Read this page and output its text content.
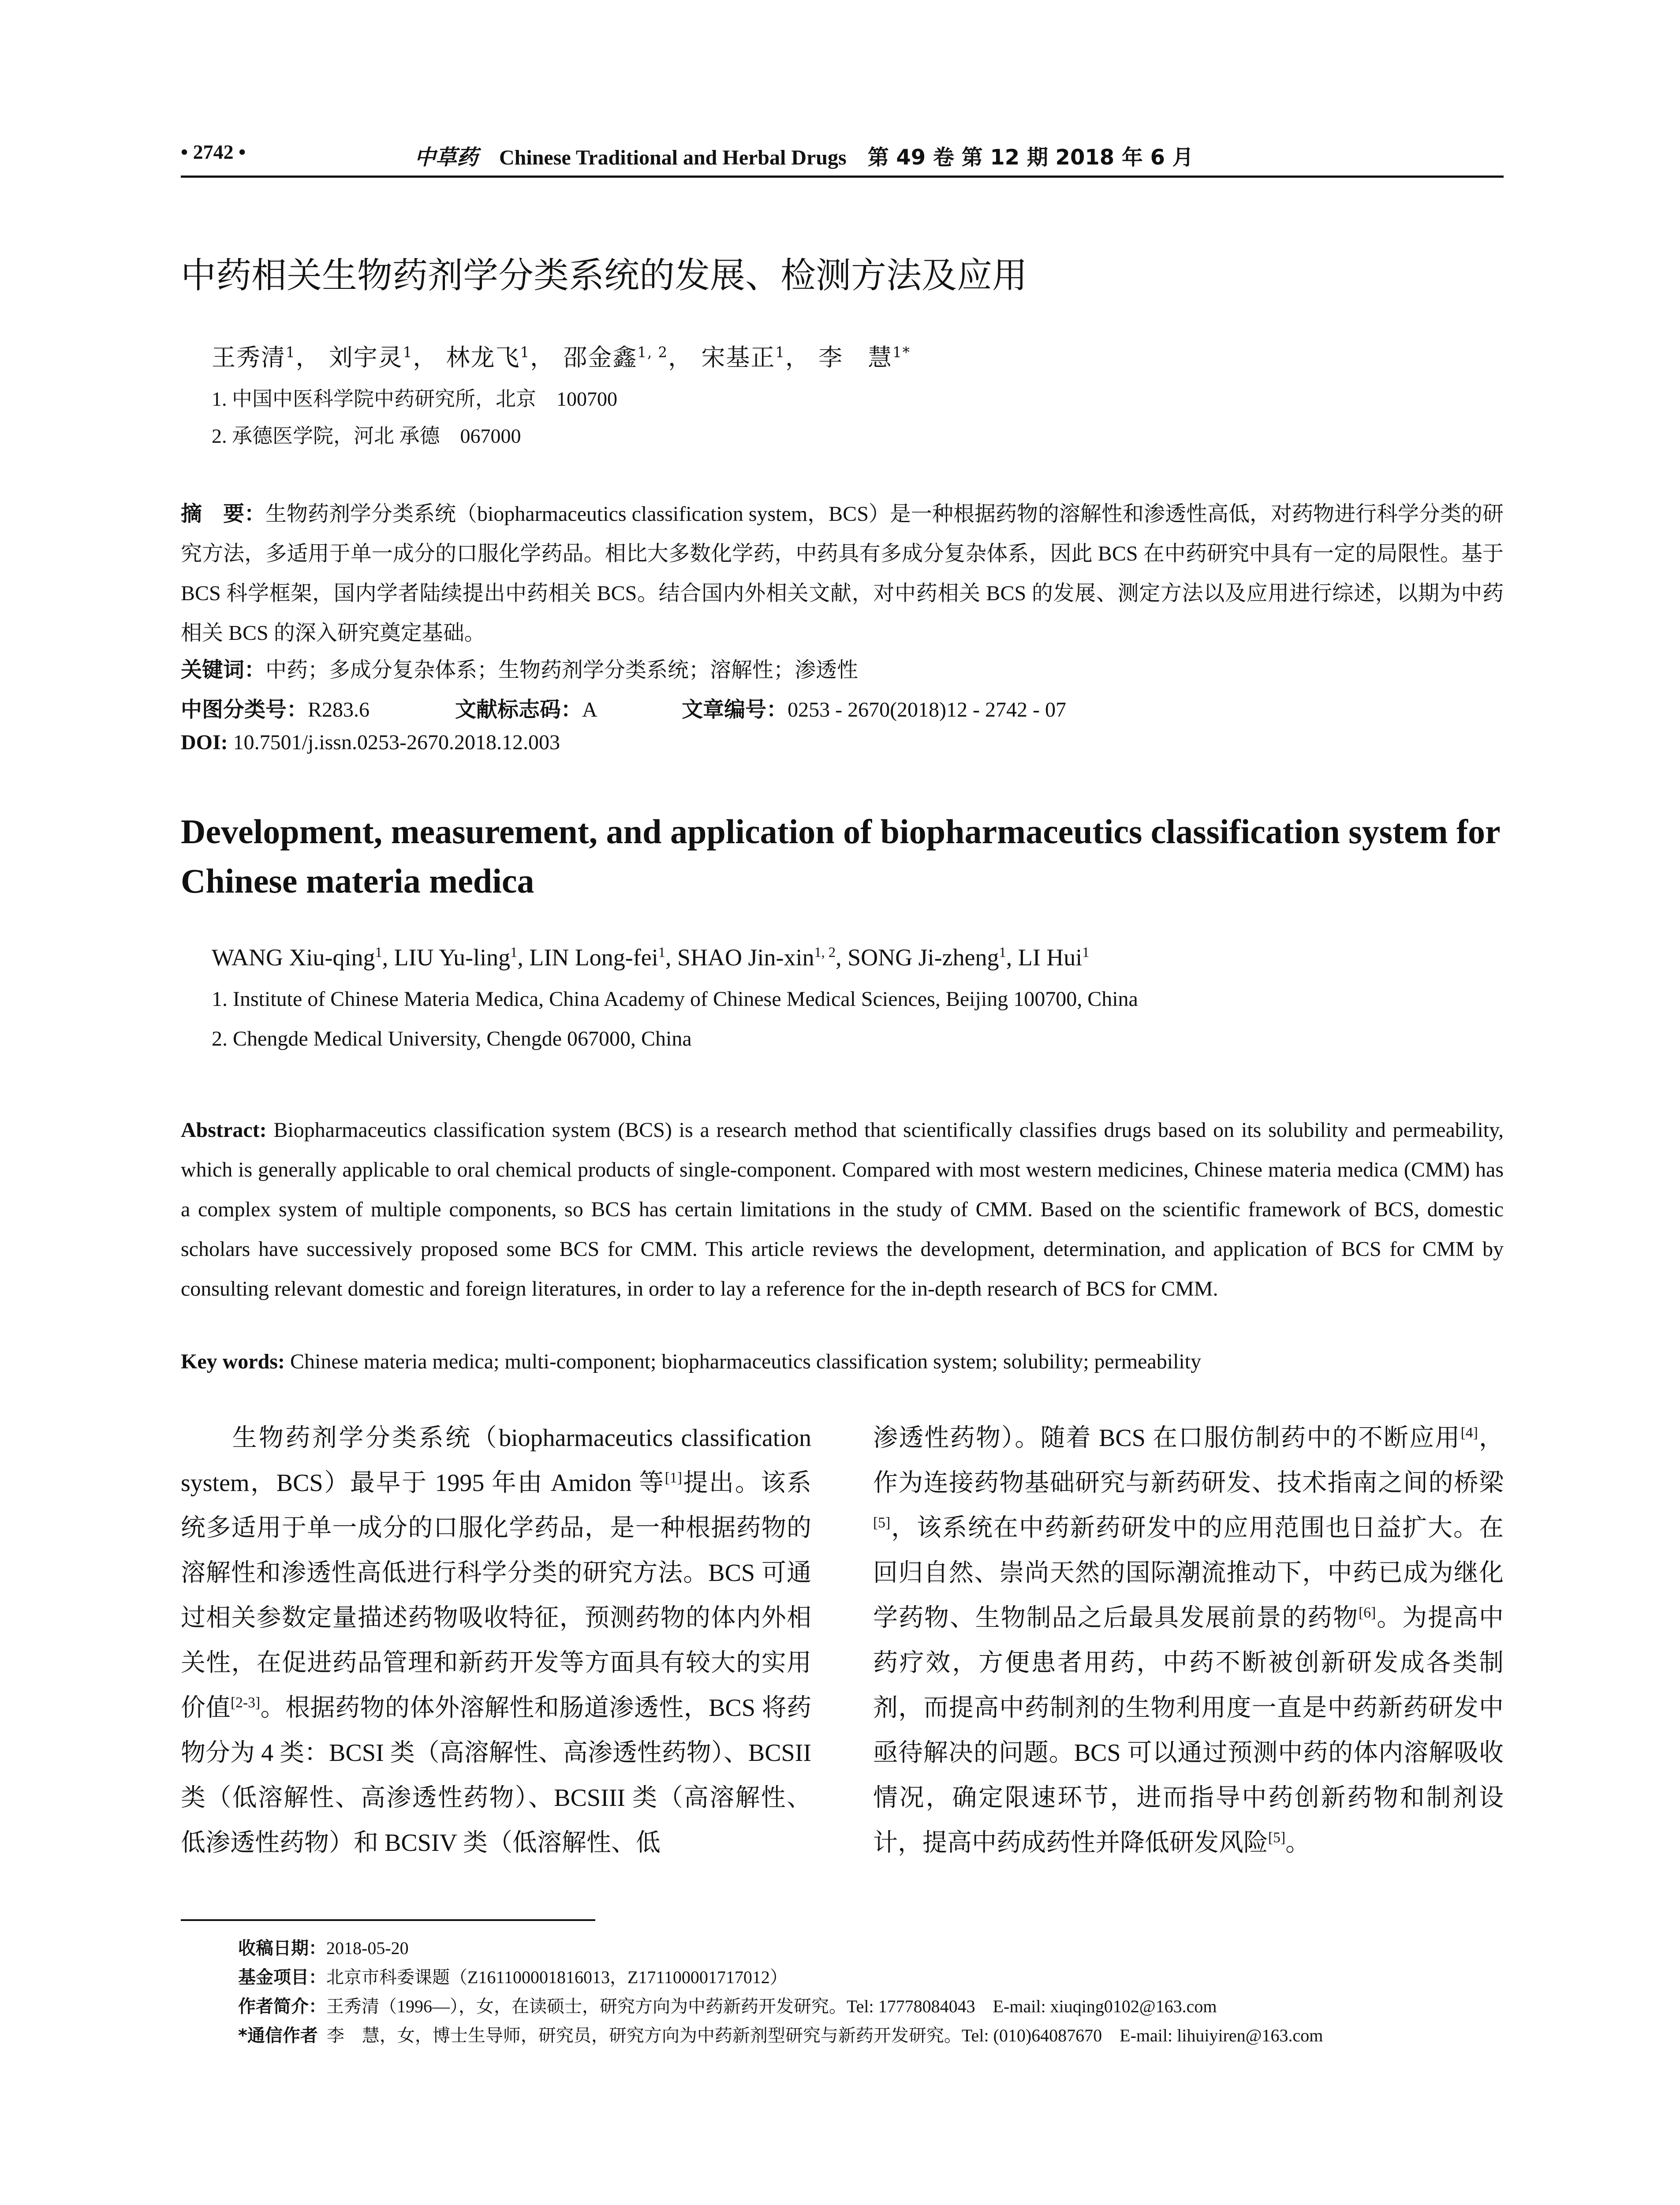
• 2742 •	中草药 Chinese Traditional and Herbal Drugs 第 49 卷 第 12 期 2018 年 6 月
中药相关生物药剂学分类系统的发展、检测方法及应用
王秀清$^1$， 刘宇灵$^1$， 林龙飞$^1$， 邵金鑫$^{1, 2}$， 宋基正$^1$， 李　慧$^{1*}$
1. 中国中医科学院中药研究所，北京　100700
2. 承德医学院，河北 承德　067000
摘　要：生物药剂学分类系统（biopharmaceutics classification system，BCS）是一种根据药物的溶解性和渗透性高低，对药物进行科学分类的研究方法，多适用于单一成分的口服化学药品。相比大多数化学药，中药具有多成分复杂体系，因此 BCS 在中药研究中具有一定的局限性。基于 BCS 科学框架，国内学者陆续提出中药相关 BCS。结合国内外相关文献，对中药相关 BCS 的发展、测定方法以及应用进行综述，以期为中药相关 BCS 的深入研究奠定基础。
关键词：中药；多成分复杂体系；生物药剂学分类系统；溶解性；渗透性
中图分类号：R283.6	文献标志码：A	文章编号：0253 - 2670(2018)12 - 2742 - 07
DOI: 10.7501/j.issn.0253-2670.2018.12.003
Development, measurement, and application of biopharmaceutics classification system for Chinese materia medica
WANG Xiu-qing$^1$, LIU Yu-ling$^1$, LIN Long-fei$^1$, SHAO Jin-xin$^{1, 2}$, SONG Ji-zheng$^1$, LI Hui$^1$
1. Institute of Chinese Materia Medica, China Academy of Chinese Medical Sciences, Beijing 100700, China
2. Chengde Medical University, Chengde 067000, China
Abstract: Biopharmaceutics classification system (BCS) is a research method that scientifically classifies drugs based on its solubility and permeability, which is generally applicable to oral chemical products of single-component. Compared with most western medicines, Chinese materia medica (CMM) has a complex system of multiple components, so BCS has certain limitations in the study of CMM. Based on the scientific framework of BCS, domestic scholars have successively proposed some BCS for CMM. This article reviews the development, determination, and application of BCS for CMM by consulting relevant domestic and foreign literatures, in order to lay a reference for the in-depth research of BCS for CMM.
Key words: Chinese materia medica; multi-component; biopharmaceutics classification system; solubility; permeability
生物药剂学分类系统（biopharmaceutics classification system，BCS）最早于 1995 年由 Amidon 等[1]提出。该系统多适用于单一成分的口服化学药品，是一种根据药物的溶解性和渗透性高低进行科学分类的研究方法。BCS 可通过相关参数定量描述药物吸收特征，预测药物的体内外相关性，在促进药品管理和新药开发等方面具有较大的实用价值[2-3]。根据药物的体外溶解性和肠道渗透性，BCS 将药物分为 4 类：BCSI 类（高溶解性、高渗透性药物）、BCSII 类（低溶解性、高渗透性药物）、BCSIII 类（高溶解性、低渗透性药物）和 BCSIV 类（低溶解性、低
渗透性药物）。随着 BCS 在口服仿制药中的不断应用[4]，作为连接药物基础研究与新药研发、技术指南之间的桥梁[5]，该系统在中药新药研发中的应用范围也日益扩大。在回归自然、崇尚天然的国际潮流推动下，中药已成为继化学药物、生物制品之后最具发展前景的药物[6]。为提高中药疗效，方便患者用药，中药不断被创新研发成各类制剂，而提高中药制剂的生物利用度一直是中药新药研发中亟待解决的问题。BCS 可以通过预测中药的体内溶解吸收情况，确定限速环节，进而指导中药创新药物和制剂设计，提高中药成药性并降低研发风险[5]。
收稿日期：2018-05-20
基金项目：北京市科委课题（Z161100001816013，Z171100001717012）
作者简介：王秀清（1996—），女，在读硕士，研究方向为中药新药开发研究。Tel: 17778084043　E-mail: xiuqing0102@163.com
*通信作者 李　慧，女，博士生导师，研究员，研究方向为中药新剂型研究与新药开发研究。Tel: (010)64087670　E-mail: lihuiyiren@163.com
